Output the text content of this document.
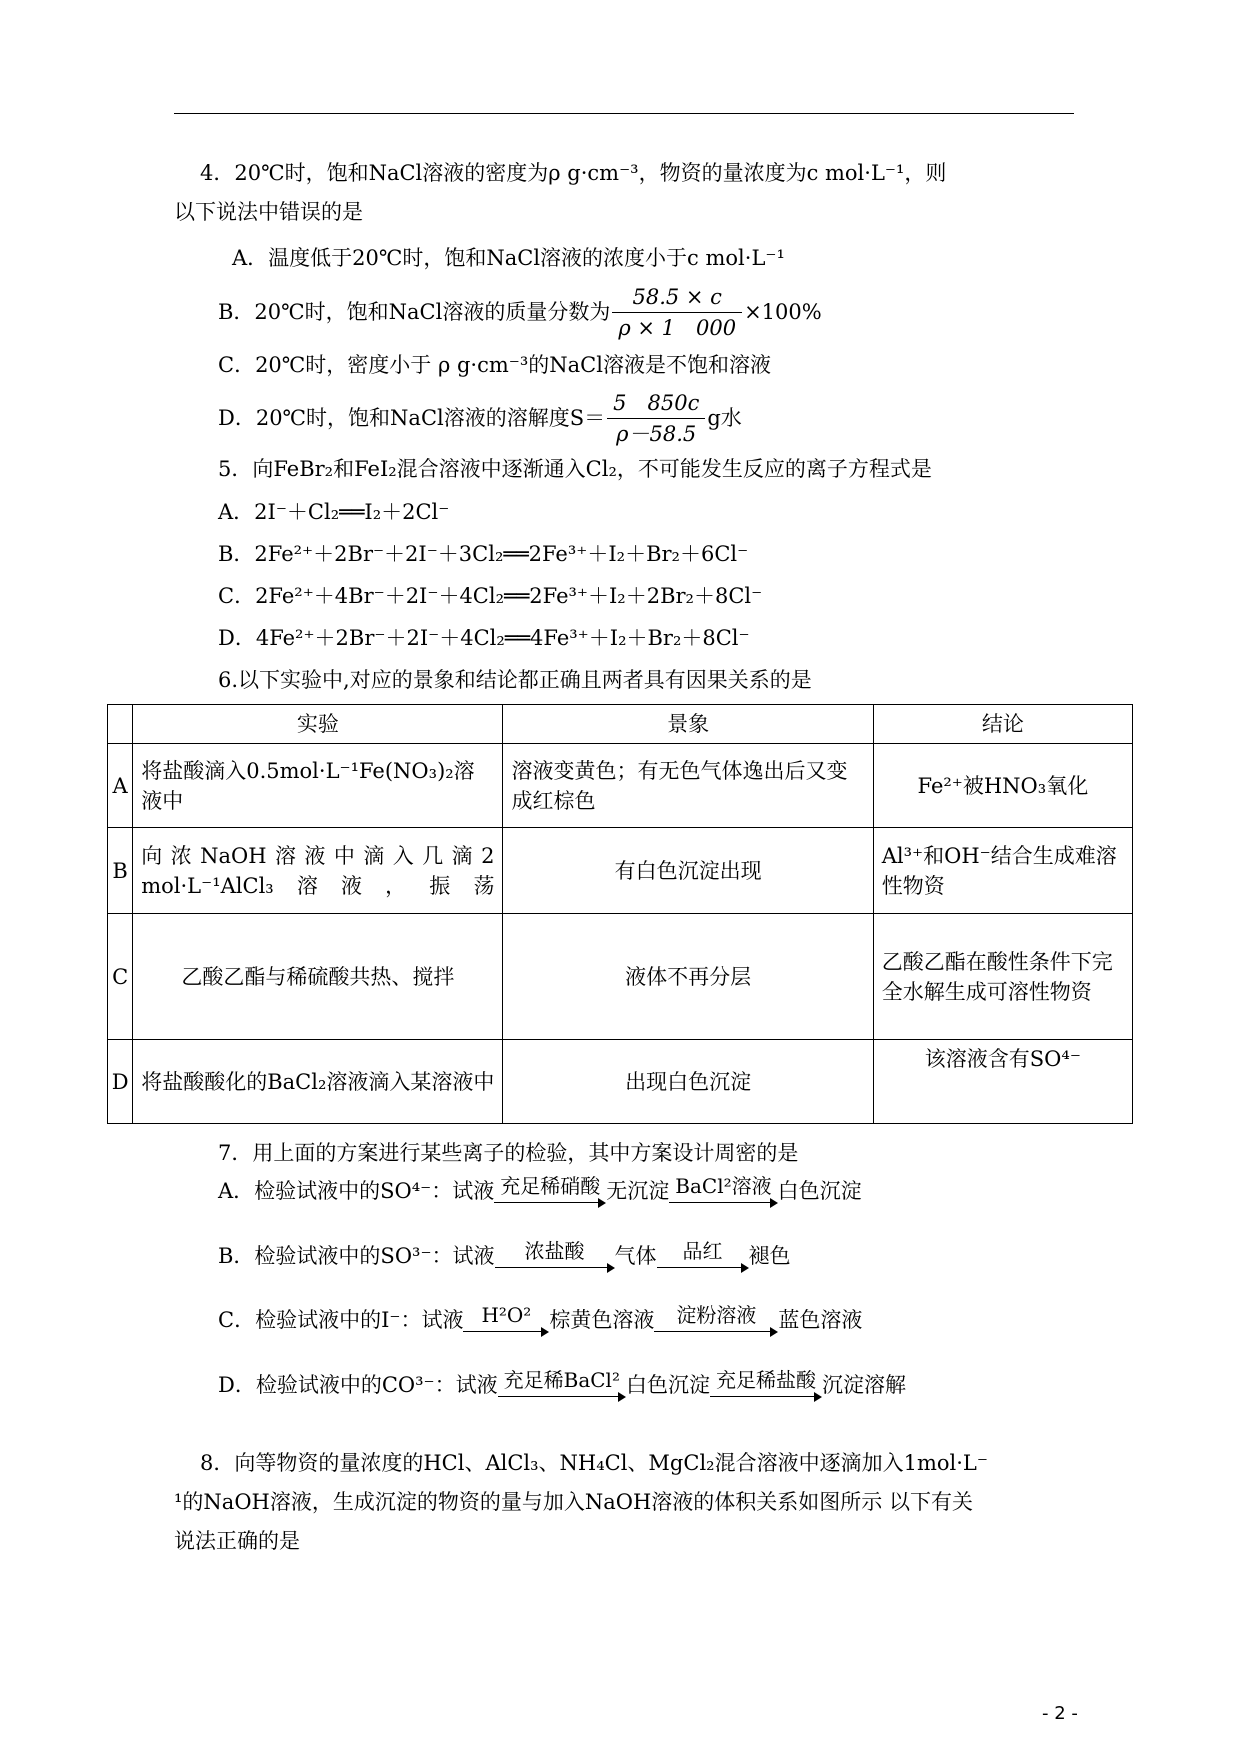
4．20℃时，饱和NaCl溶液的密度为ρ g·cm⁻³，物资的量浓度为c mol·L⁻¹，则
以下说法中错误的是
A．温度低于20℃时，饱和NaCl溶液的浓度小于c mol·L⁻¹
B．20℃时，饱和NaCl溶液的质量分数为 $\frac{58.5 \times c}{\rho \times 1 000} \times 100\%$
C．20℃时，密度小于 ρ g·cm⁻³的NaCl溶液是不饱和溶液
D．20℃时，饱和NaCl溶液的溶解度$S= \frac{5 850c}{\rho-58.5}$ g水
5．向FeBr₂和FeI₂混合溶液中逐渐通入Cl₂，不可能发生反应的离子方程式是
A．2I⁻＋Cl₂══I₂＋2Cl⁻
B．2Fe²⁺＋2Br⁻＋2I⁻＋3Cl₂══2Fe³⁺＋I₂＋Br₂＋6Cl⁻
C．2Fe²⁺＋4Br⁻＋2I⁻＋4Cl₂══2Fe³⁺＋I₂＋2Br₂＋8Cl⁻
D．4Fe²⁺＋2Br⁻＋2I⁻＋4Cl₂══4Fe³⁺＋I₂＋Br₂＋8Cl⁻
6.以下实验中,对应的景象和结论都正确且两者具有因果关系的是
	实验	景象	结论
A	将盐酸滴入0.5mol·L⁻¹Fe(NO₃)₂溶液中	溶液变黄色；有无色气体逸出后又变成红棕色	Fe²⁺被HNO₃氧化
B	向浓NaOH溶液中滴入几滴2 mol·L⁻¹AlCl₃溶液，振荡	有白色沉淀出现	Al³⁺和OH⁻结合生成难溶性物资
C	乙酸乙酯与稀硫酸共热、搅拌	液体不再分层	乙酸乙酯在酸性条件下完全水解生成可溶性物资
D	将盐酸酸化的BaCl₂溶液滴入某溶液中	出现白色沉淀	该溶液含有SO⁴⁻
7．用上面的方案进行某些离子的检验，其中方案设计周密的是
A．检验试液中的SO⁴⁻：试液 充足稀硝酸 无沉淀 BaCl²溶液 白色沉淀
B．检验试液中的SO³⁻：试液	浓盐酸	气体	品红	褪色
C．检验试液中的I⁻：试液 H²O² 棕黄色溶液	淀粉溶液	蓝色溶液
D．检验试液中的CO³⁻：试液 充足稀BaCl² 白色沉淀 充足稀盐酸 沉淀溶解
8．向等物资的量浓度的HCl、AlCl₃、NH₄Cl、MgCl₂混合溶液中逐滴加入1mol·L⁻
¹的NaOH溶液，生成沉淀的物资的量与加入NaOH溶液的体积关系如图所示 以下有关
说法正确的是
- 2 -
